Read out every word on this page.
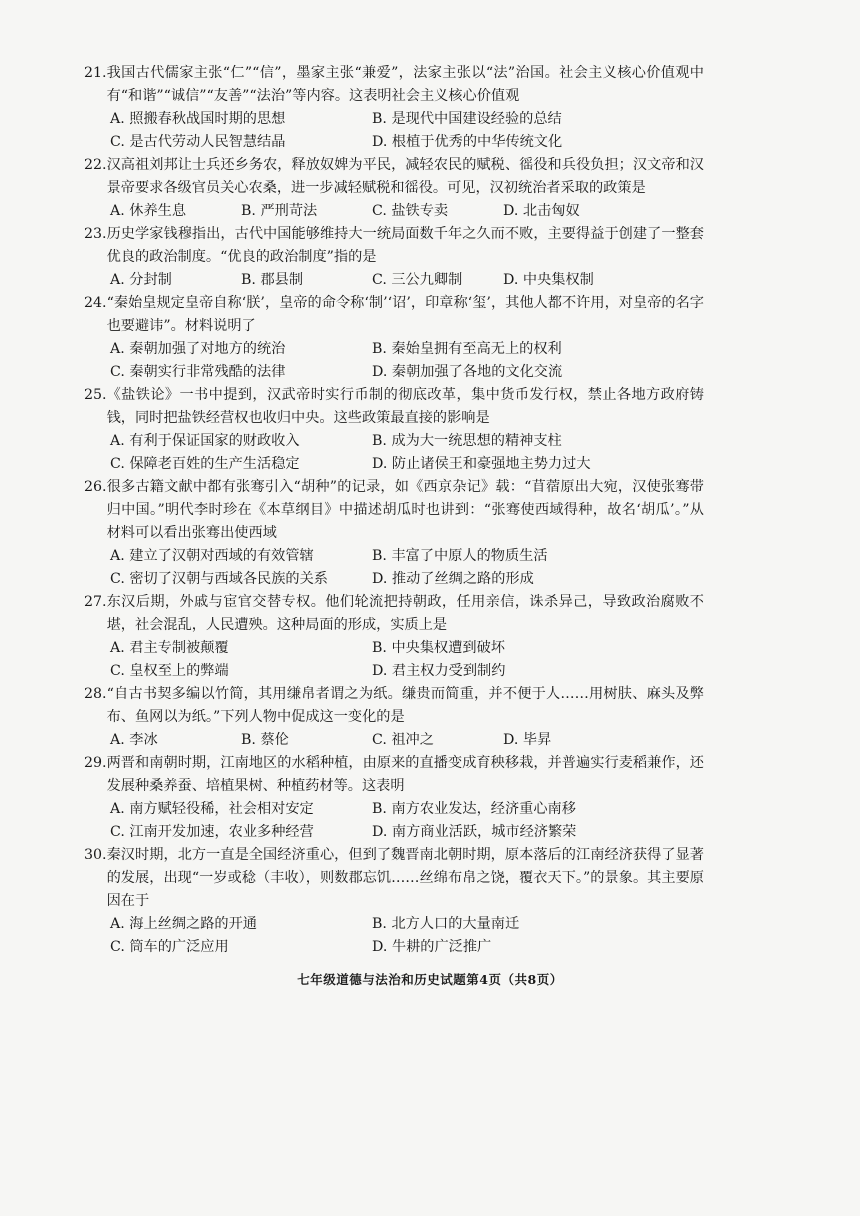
21. 我国古代儒家主张“仁”“信”，墨家主张“兼爱”，法家主张以“法”治国。社会主义核心价值观中有“和谐”“诚信”“友善”“法治”等内容。这表明社会主义核心价值观
A. 照搬春秋战国时期的思想	B. 是现代中国建设经验的总结
C. 是古代劳动人民智慧结晶	D. 根植于优秀的中华传统文化
22. 汉高祖刘邦让士兵还乡务农，释放奴婢为平民，减轻农民的赋税、徭役和兵役负担；汉文帝和汉景帝要求各级官员关心农桑，进一步减轻赋税和徭役。可见，汉初统治者采取的政策是
A. 休养生息	B. 严刑苛法	C. 盐铁专卖	D. 北击匈奴
23. 历史学家钱穆指出，古代中国能够维持大一统局面数千年之久而不败，主要得益于创建了一整套优良的政治制度。“优良的政治制度”指的是
A. 分封制	B. 郡县制	C. 三公九卿制	D. 中央集权制
24. “秦始皇规定皇帝自称‘朕’，皇帝的命令称‘制’‘诏’，印章称‘玺’，其他人都不许用，对皇帝的名字也要避讳”。材料说明了
A. 秦朝加强了对地方的统治	B. 秦始皇拥有至高无上的权利
C. 秦朝实行非常残酷的法律	D. 秦朝加强了各地的文化交流
25. 《盐铁论》一书中提到，汉武帝时实行币制的彻底改革，集中货币发行权，禁止各地方政府铸钱，同时把盐铁经营权也收归中央。这些政策最直接的影响是
A. 有利于保证国家的财政收入	B. 成为大一统思想的精神支柱
C. 保障老百姓的生产生活稳定	D. 防止诸侯王和豪强地主势力过大
26. 很多古籍文献中都有张骞引入“胡种”的记录，如《西京杂记》载：“苜蓿原出大宛，汉使张骞带归中国。”明代李时珍在《本草纲目》中描述胡瓜时也讲到：“张骞使西域得种，故名‘胡瓜’。”从材料可以看出张骞出使西域
A. 建立了汉朝对西域的有效管辖	B. 丰富了中原人的物质生活
C. 密切了汉朝与西域各民族的关系	D. 推动了丝绸之路的形成
27. 东汉后期，外戚与宦官交替专权。他们轮流把持朝政，任用亲信，诛杀异己，导致政治腐败不堪，社会混乱，人民遭殃。这种局面的形成，实质上是
A. 君主专制被颠覆	B. 中央集权遭到破坏
C. 皇权至上的弊端	D. 君主权力受到制约
28. “自古书契多编以竹简，其用缣帛者谓之为纸。缣贵而简重，并不便于人……用树肤、麻头及弊布、鱼网以为纸。”下列人物中促成这一变化的是
A. 李冰	B. 蔡伦	C. 祖冲之	D. 毕昇
29. 两晋和南朝时期，江南地区的水稻种植，由原来的直播变成育秧移栽，并普遍实行麦稻兼作，还发展种桑养蚕、培植果树、种植药材等。这表明
A. 南方赋轻役稀，社会相对安定	B. 南方农业发达，经济重心南移
C. 江南开发加速，农业多种经营	D. 南方商业活跃，城市经济繁荣
30. 秦汉时期，北方一直是全国经济重心，但到了魏晋南北朝时期，原本落后的江南经济获得了显著的发展，出现“一岁或稔（丰收），则数郡忘饥……丝绵布帛之饶，覆衣天下。”的景象。其主要原因在于
A. 海上丝绸之路的开通	B. 北方人口的大量南迁
C. 筒车的广泛应用	D. 牛耕的广泛推广
七年级道德与法治和历史试题第4页（共8页）
